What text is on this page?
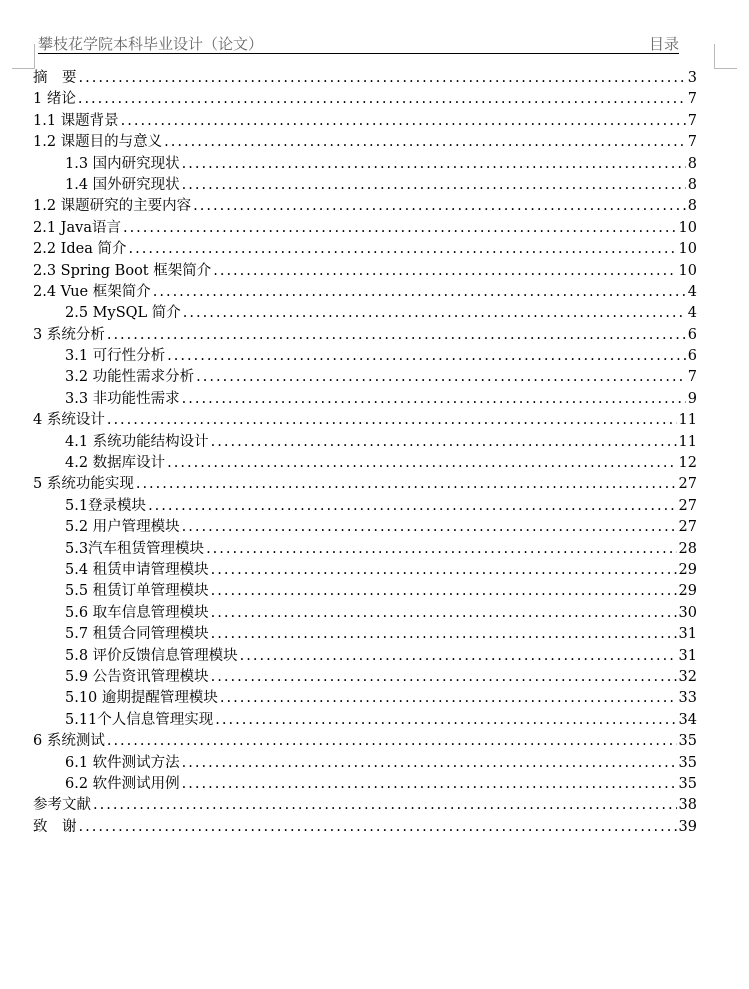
攀枝花学院本科毕业设计（论文）	目录
摘　要 .....	3
1 绪论 .....	7
1.1 课题背景 .....	7
1.2 课题目的与意义 .....	7
1.3 国内研究现状 .....	8
1.4 国外研究现状 .....	8
1.2 课题研究的主要内容 .....	8
2.1 Java语言 .....	10
2.2 Idea 简介 .....	10
2.3 Spring Boot 框架简介 .....	10
2.4 Vue 框架简介 .....	4
2.5 MySQL 简介 .....	4
3 系统分析 .....	6
3.1 可行性分析 .....	6
3.2 功能性需求分析 .....	7
3.3 非功能性需求 .....	9
4 系统设计 .....	11
4.1 系统功能结构设计 .....	11
4.2 数据库设计 .....	12
5 系统功能实现 .....	27
5.1登录模块 .....	27
5.2 用户管理模块 .....	27
5.3汽车租赁管理模块 .....	28
5.4 租赁申请管理模块 .....	29
5.5 租赁订单管理模块 .....	29
5.6 取车信息管理模块 .....	30
5.7 租赁合同管理模块 .....	31
5.8 评价反馈信息管理模块 .....	31
5.9 公告资讯管理模块 .....	32
5.10 逾期提醒管理模块 .....	33
5.11个人信息管理实现 .....	34
6 系统测试 .....	35
6.1 软件测试方法 .....	35
6.2 软件测试用例 .....	35
参考文献 .....	38
致　谢 .....	39
